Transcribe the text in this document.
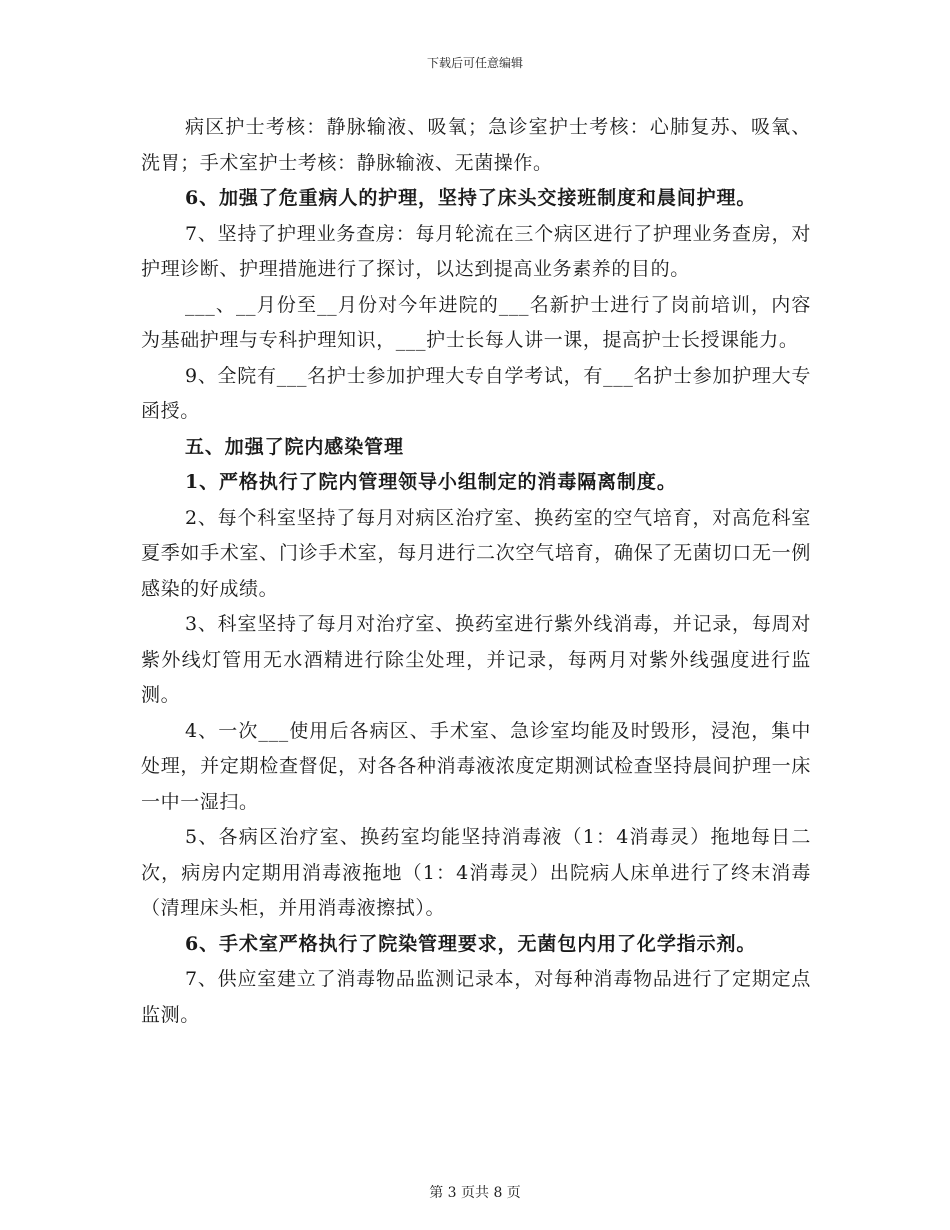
下载后可任意编辑

病区护士考核：静脉输液、吸氧；急诊室护士考核：心肺复苏、吸氧、洗胃；手术室护士考核：静脉输液、无菌操作。

6、加强了危重病人的护理，坚持了床头交接班制度和晨间护理。

7、坚持了护理业务查房：每月轮流在三个病区进行了护理业务查房，对护理诊断、护理措施进行了探讨，以达到提高业务素养的目的。

___、__月份至__月份对今年进院的___名新护士进行了岗前培训，内容为基础护理与专科护理知识，___护士长每人讲一课，提高护士长授课能力。

9、全院有___名护士参加护理大专自学考试，有___名护士参加护理大专函授。

五、加强了院内感染管理

1、严格执行了院内管理领导小组制定的消毒隔离制度。

2、每个科室坚持了每月对病区治疗室、换药室的空气培育，对高危科室夏季如手术室、门诊手术室，每月进行二次空气培育，确保了无菌切口无一例感染的好成绩。

3、科室坚持了每月对治疗室、换药室进行紫外线消毒，并记录，每周对紫外线灯管用无水酒精进行除尘处理，并记录，每两月对紫外线强度进行监测。

4、一次___使用后各病区、手术室、急诊室均能及时毁形，浸泡，集中处理，并定期检查督促，对各各种消毒液浓度定期测试检查坚持晨间护理一床一中一湿扫。

5、各病区治疗室、换药室均能坚持消毒液（1：4消毒灵）拖地每日二次，病房内定期用消毒液拖地（1：4消毒灵）出院病人床单进行了终末消毒（清理床头柜，并用消毒液擦拭）。

6、手术室严格执行了院染管理要求，无菌包内用了化学指示剂。

7、供应室建立了消毒物品监测记录本，对每种消毒物品进行了定期定点监测。

第 3 页共 8 页
